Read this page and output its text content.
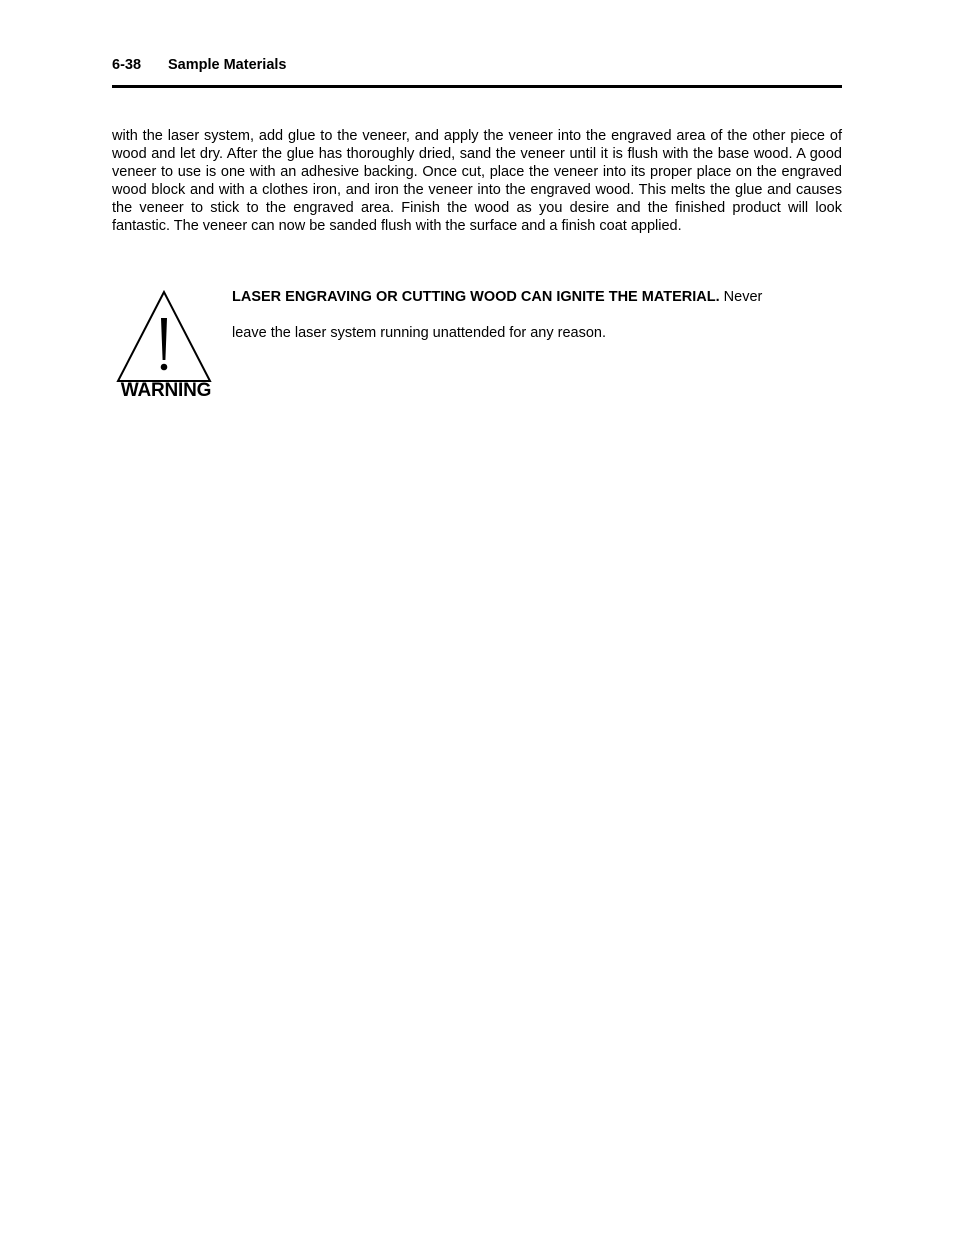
6-38 Sample Materials

with the laser system, add glue to the veneer, and apply the veneer into the engraved area of the other piece of wood and let dry. After the glue has thoroughly dried, sand the veneer until it is flush with the base wood. A good veneer to use is one with an adhesive backing. Once cut, place the veneer into its proper place on the engraved wood block and with a clothes iron, and iron the veneer into the engraved wood. This melts the glue and causes the veneer to stick to the engraved area. Finish the wood as you desire and the finished product will look fantastic. The veneer can now be sanded flush with the surface and a finish coat applied.

WARNING
LASER ENGRAVING OR CUTTING WOOD CAN IGNITE THE MATERIAL. Never
leave the laser system running unattended for any reason.
